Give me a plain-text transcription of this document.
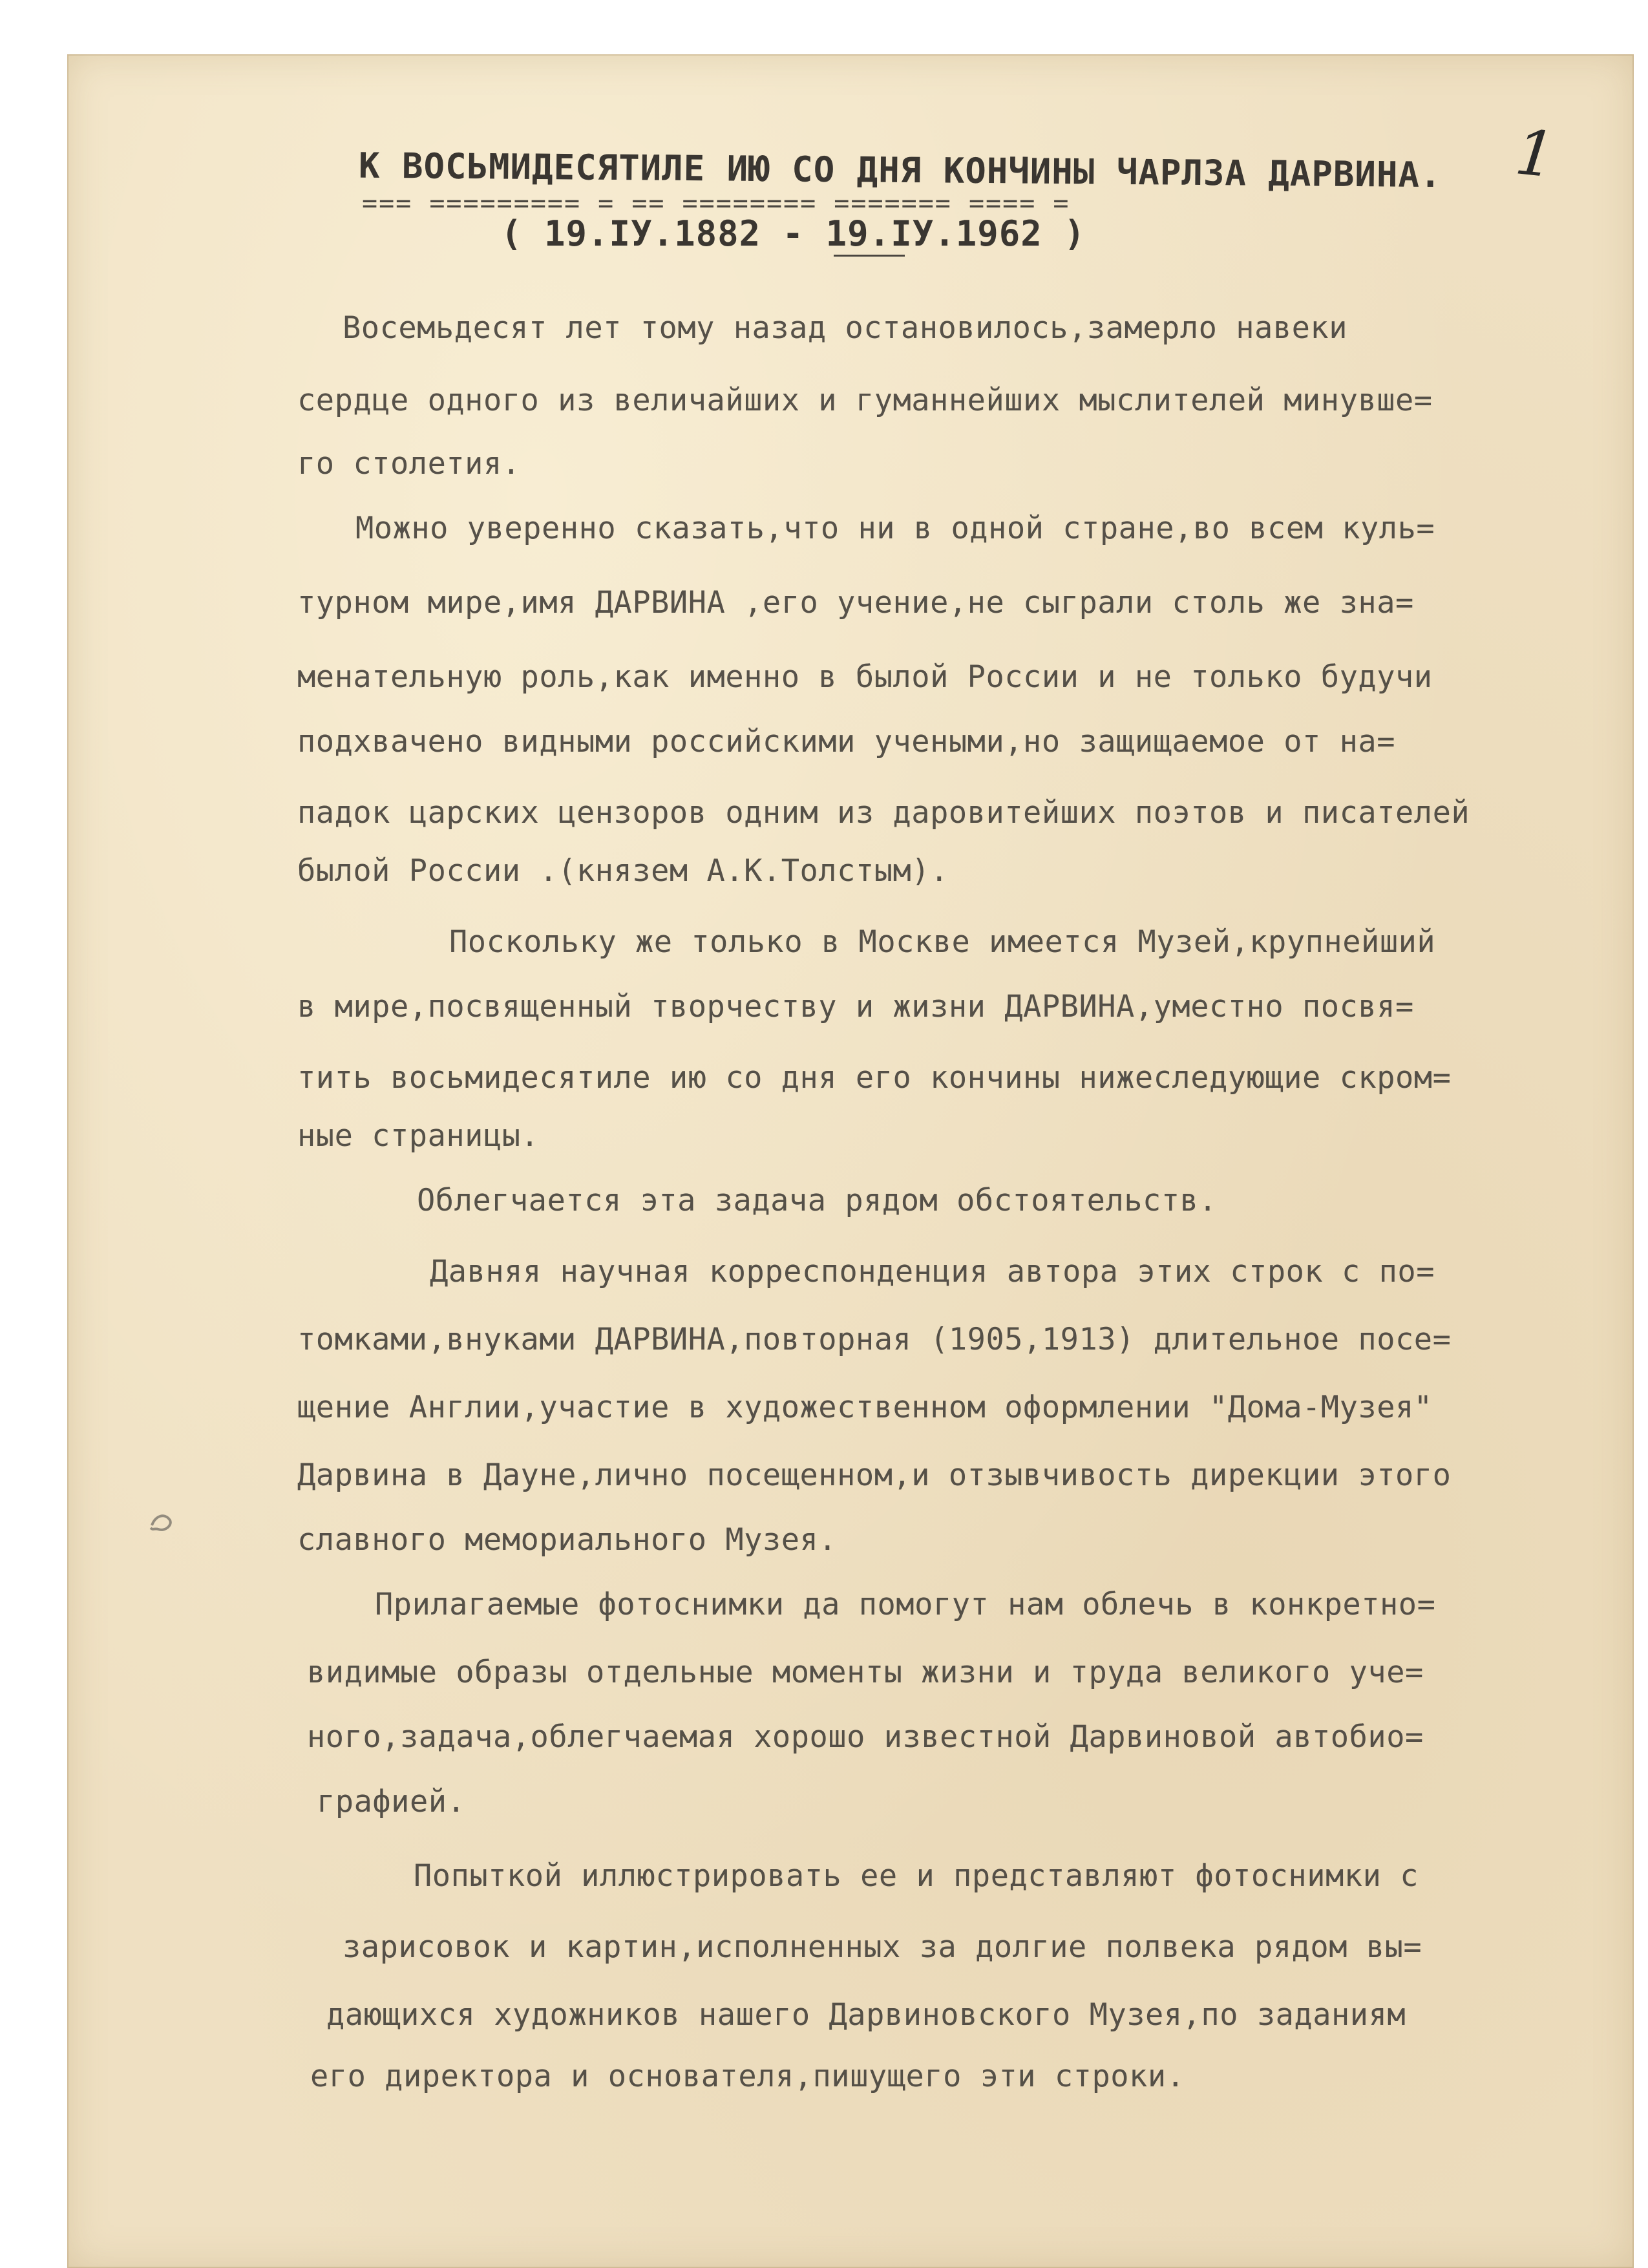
1
К ВОСЬМИДЕСЯТИЛЕ ИЮ СО ДНЯ КОНЧИНЫ ЧАРЛЗА ДАРВИНА.
=== ========= = == ======== ======= ==== =
( 19.IУ.1882 - 19.IУ.1962 )
Восемьдесят лет тому назад остановилось,замерло навеки
сердце одного из величайших и гуманнейших мыслителей минувше=
го столетия.
Можно уверенно сказать,что ни в одной стране,во всем куль=
турном мире,имя ДАРВИНА ,его учение,не сыграли столь же зна=
менательную роль,как именно в былой России и не только будучи
подхвачено видными российскими учеными,но защищаемое от на=
падок царских цензоров одним из даровитейших поэтов и писателей
былой России .(князем А.К.Толстым).
Поскольку же только в Москве имеется Музей,крупнейший
в мире,посвященный творчеству и жизни ДАРВИНА,уместно посвя=
тить восьмидесятиле ию со дня его кончины нижеследующие скром=
ные страницы.
Облегчается эта задача рядом обстоятельств.
Давняя научная корреспонденция автора этих строк с по=
томками,внуками ДАРВИНА,повторная (1905,1913) длительное посе=
щение Англии,участие в художественном оформлении "Дома-Музея"
Дарвина в Дауне,лично посещенном,и отзывчивость дирекции этого
славного мемориального Музея.
Прилагаемые фотоснимки да помогут нам облечь в конкретно=
видимые образы отдельные моменты жизни и труда великого уче=
ного,задача,облегчаемая хорошо известной Дарвиновой автобио=
графией.
Попыткой иллюстрировать ее и представляют фотоснимки с
зарисовок и картин,исполненных за долгие полвека рядом вы=
дающихся художников нашего Дарвиновского Музея,по заданиям
его директора и основателя,пишущего эти строки.
